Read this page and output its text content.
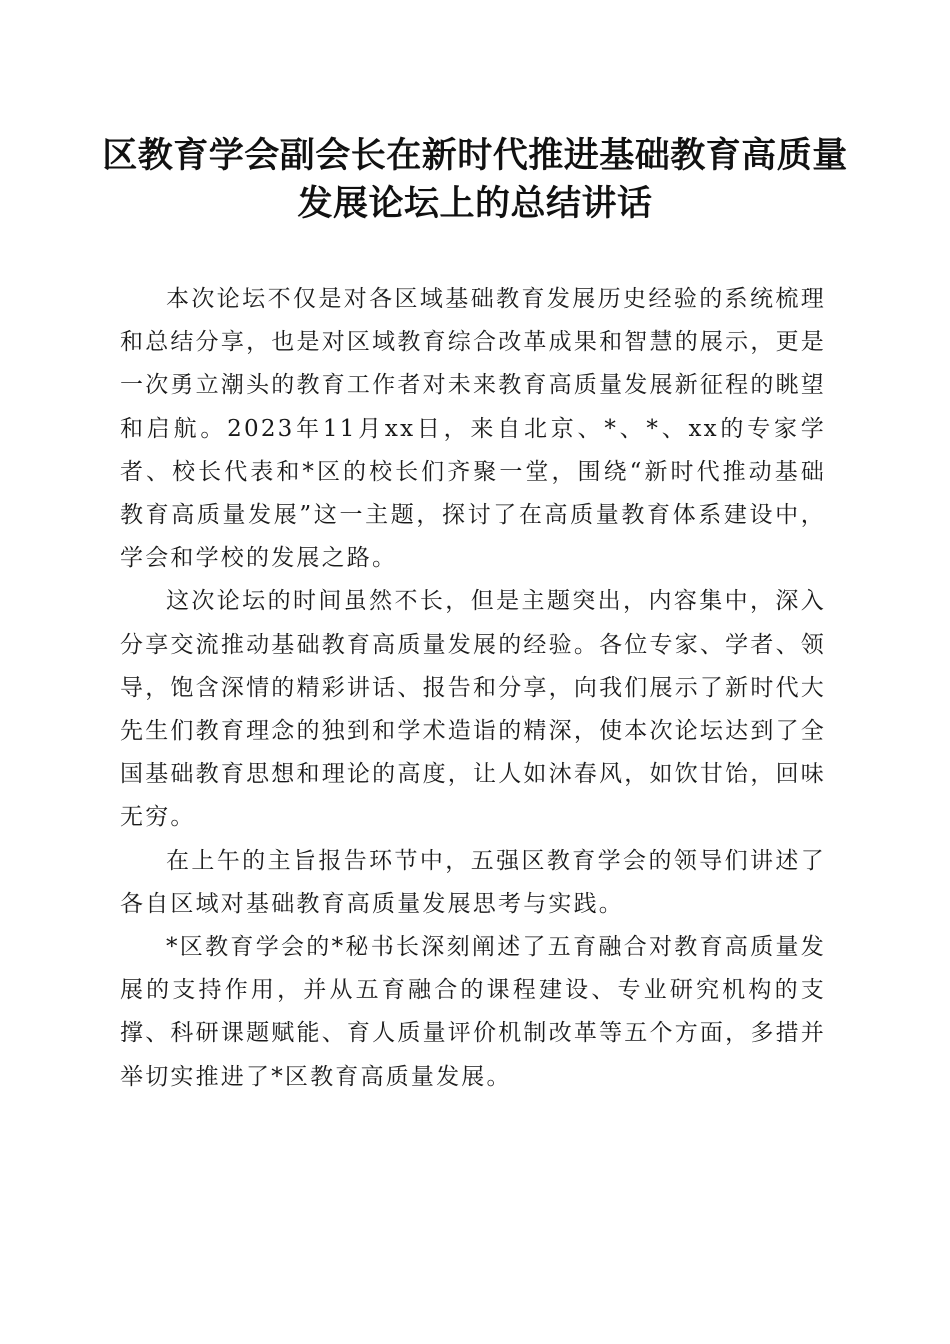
区教育学会副会长在新时代推进基础教育高质量发展论坛上的总结讲话

本次论坛不仅是对各区域基础教育发展历史经验的系统梳理和总结分享，也是对区域教育综合改革成果和智慧的展示，更是一次勇立潮头的教育工作者对未来教育高质量发展新征程的眺望和启航。2023年11月xx日，来自北京、*、*、xx的专家学者、校长代表和*区的校长们齐聚一堂，围绕“新时代推动基础教育高质量发展”这一主题，探讨了在高质量教育体系建设中，学会和学校的发展之路。

这次论坛的时间虽然不长，但是主题突出，内容集中，深入分享交流推动基础教育高质量发展的经验。各位专家、学者、领导，饱含深情的精彩讲话、报告和分享，向我们展示了新时代大先生们教育理念的独到和学术造诣的精深，使本次论坛达到了全国基础教育思想和理论的高度，让人如沐春风，如饮甘饴，回味无穷。

在上午的主旨报告环节中，五强区教育学会的领导们讲述了各自区域对基础教育高质量发展思考与实践。

*区教育学会的*秘书长深刻阐述了五育融合对教育高质量发展的支持作用，并从五育融合的课程建设、专业研究机构的支撑、科研课题赋能、育人质量评价机制改革等五个方面，多措并举切实推进了*区教育高质量发展。
